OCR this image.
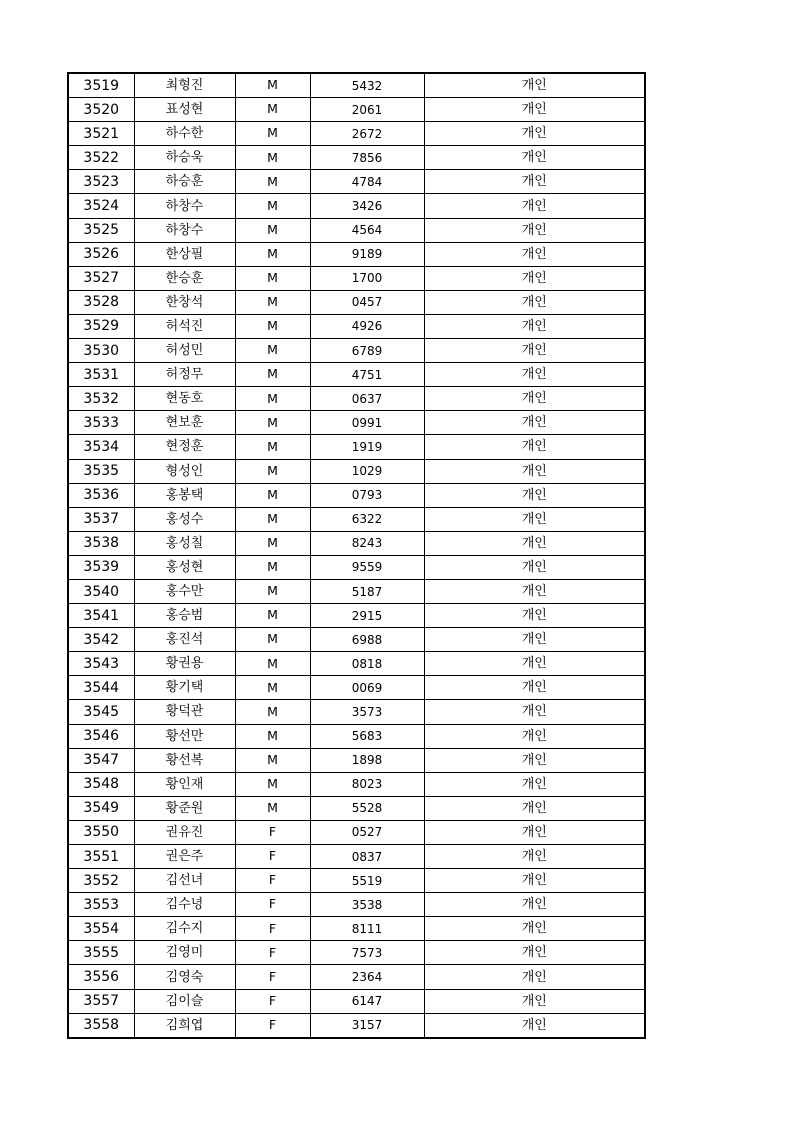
3519	최형진	M	5432	개인
3520	표성현	M	2061	개인
3521	하수한	M	2672	개인
3522	하승욱	M	7856	개인
3523	하승훈	M	4784	개인
3524	하창수	M	3426	개인
3525	하창수	M	4564	개인
3526	한상필	M	9189	개인
3527	한승훈	M	1700	개인
3528	한창석	M	0457	개인
3529	허석진	M	4926	개인
3530	허성민	M	6789	개인
3531	허정무	M	4751	개인
3532	현동호	M	0637	개인
3533	현보훈	M	0991	개인
3534	현정훈	M	1919	개인
3535	형성인	M	1029	개인
3536	홍봉택	M	0793	개인
3537	홍성수	M	6322	개인
3538	홍성칠	M	8243	개인
3539	홍성현	M	9559	개인
3540	홍수만	M	5187	개인
3541	홍승범	M	2915	개인
3542	홍진석	M	6988	개인
3543	황권용	M	0818	개인
3544	황기택	M	0069	개인
3545	황덕관	M	3573	개인
3546	황선만	M	5683	개인
3547	황선복	M	1898	개인
3548	황인재	M	8023	개인
3549	황준원	M	5528	개인
3550	권유진	F	0527	개인
3551	권은주	F	0837	개인
3552	김선녀	F	5519	개인
3553	김수녕	F	3538	개인
3554	김수지	F	8111	개인
3555	김영미	F	7573	개인
3556	김영숙	F	2364	개인
3557	김이슬	F	6147	개인
3558	김희엽	F	3157	개인
